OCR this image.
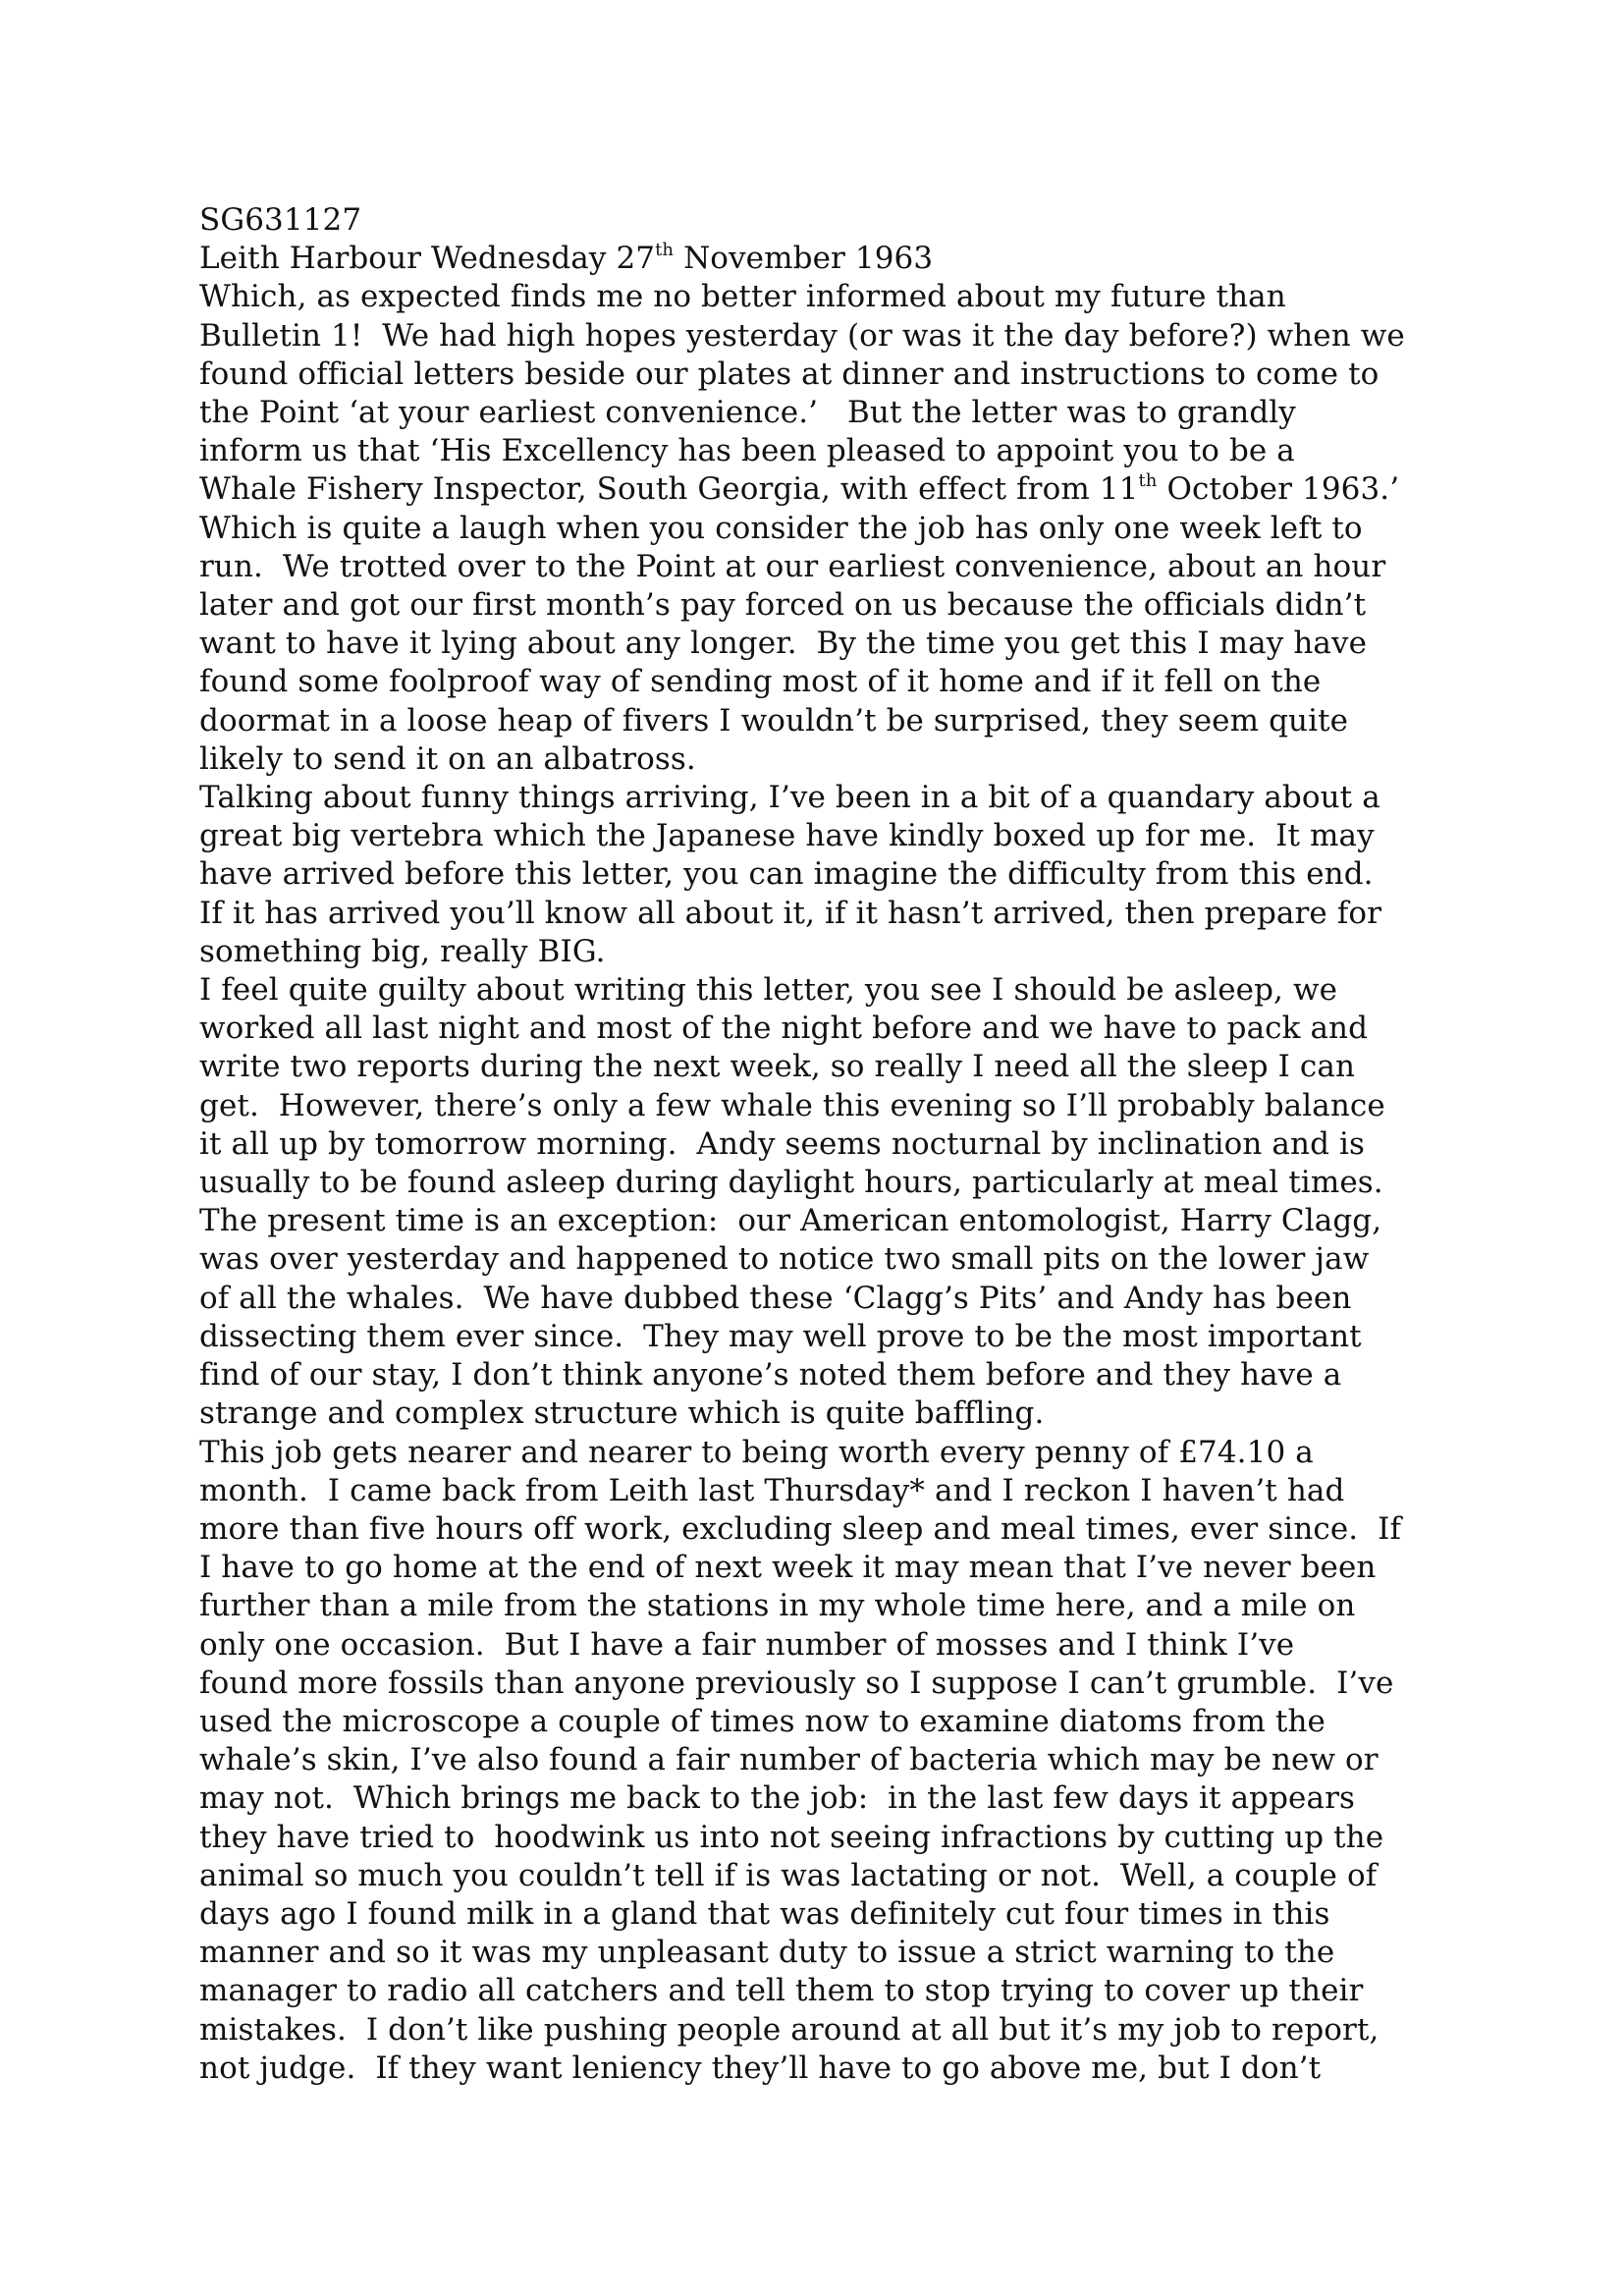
SG631127
Leith Harbour Wednesday 27th November 1963
Which, as expected finds me no better informed about my future than
Bulletin 1!  We had high hopes yesterday (or was it the day before?) when we
found official letters beside our plates at dinner and instructions to come to
the Point ‘at your earliest convenience.’   But the letter was to grandly
inform us that ‘His Excellency has been pleased to appoint you to be a
Whale Fishery Inspector, South Georgia, with effect from 11th October 1963.’
Which is quite a laugh when you consider the job has only one week left to
run.  We trotted over to the Point at our earliest convenience, about an hour
later and got our first month’s pay forced on us because the officials didn’t
want to have it lying about any longer.  By the time you get this I may have
found some foolproof way of sending most of it home and if it fell on the
doormat in a loose heap of fivers I wouldn’t be surprised, they seem quite
likely to send it on an albatross.
Talking about funny things arriving, I’ve been in a bit of a quandary about a
great big vertebra which the Japanese have kindly boxed up for me.  It may
have arrived before this letter, you can imagine the difficulty from this end.
If it has arrived you’ll know all about it, if it hasn’t arrived, then prepare for
something big, really BIG.
I feel quite guilty about writing this letter, you see I should be asleep, we
worked all last night and most of the night before and we have to pack and
write two reports during the next week, so really I need all the sleep I can
get.  However, there’s only a few whale this evening so I’ll probably balance
it all up by tomorrow morning.  Andy seems nocturnal by inclination and is
usually to be found asleep during daylight hours, particularly at meal times.
The present time is an exception:  our American entomologist, Harry Clagg,
was over yesterday and happened to notice two small pits on the lower jaw
of all the whales.  We have dubbed these ‘Clagg’s Pits’ and Andy has been
dissecting them ever since.  They may well prove to be the most important
find of our stay, I don’t think anyone’s noted them before and they have a
strange and complex structure which is quite baffling.
This job gets nearer and nearer to being worth every penny of £74.10 a
month.  I came back from Leith last Thursday* and I reckon I haven’t had
more than five hours off work, excluding sleep and meal times, ever since.  If
I have to go home at the end of next week it may mean that I’ve never been
further than a mile from the stations in my whole time here, and a mile on
only one occasion.  But I have a fair number of mosses and I think I’ve
found more fossils than anyone previously so I suppose I can’t grumble.  I’ve
used the microscope a couple of times now to examine diatoms from the
whale’s skin, I’ve also found a fair number of bacteria which may be new or
may not.  Which brings me back to the job:  in the last few days it appears
they have tried to  hoodwink us into not seeing infractions by cutting up the
animal so much you couldn’t tell if is was lactating or not.  Well, a couple of
days ago I found milk in a gland that was definitely cut four times in this
manner and so it was my unpleasant duty to issue a strict warning to the
manager to radio all catchers and tell them to stop trying to cover up their
mistakes.  I don’t like pushing people around at all but it’s my job to report,
not judge.  If they want leniency they’ll have to go above me, but I don’t
